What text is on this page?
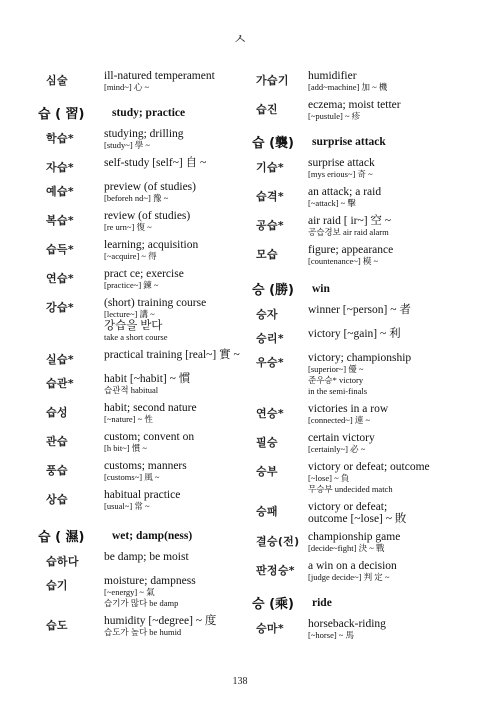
ㅅ
심술	ill-natured temperament
[mind~] 心 ~
습 ( 習)	study; practice
학습*	studying; drilling
[study~] 學 ~
자습*	self-study [self~] 自 ~
예습*	preview (of studies)
[beforeh nd~] 豫 ~
복습*	review (of studies)
[re urn~] 復 ~
습득*	learning; acquisition
[~acquire] ~ 得
연습*	pract ce; exercise
[practice~] 鍊 ~
강습*	(short) training course
[lecture~] 講 ~
강습을 받다
take a short course
실습*	practical training [real~] 實 ~
습관*	habit [~habit] ~ 慣
습관적 habitual
습성	habit; second nature
[~nature] ~ 性
관습	custom; convent on
[h bit~] 慣 ~
풍습	customs; manners
[customs~] 風 ~
상습	habitual practice
[usual~] 常 ~
습 ( 濕)	wet; damp(ness)
습하다	be damp; be moist
습기	moisture; dampness
[~energy] ~ 氣
습기가 많다 be damp
습도	humidity [~degree] ~ 度
습도가 높다 be humid
가습기	humidifier
[add~machine] 加 ~ 機
습진	eczema; moist tetter
[~pustule] ~ 疹
습 (襲)	surprise attack
기습*	surprise attack
[mys erious~] 奇 ~
습격*	an attack; a raid
[~attack] ~ 擊
공습*	air raid [ ir~] 空 ~
공습경보 air raid alarm
모습	figure; appearance
[countenance~] 模 ~
승 (勝)	win
승자	winner [~person] ~ 者
승리*	victory [~gain] ~ 利
우승*	victory; championship
[superior~] 優 ~
준우승* victory
in the semi-finals
연승*	victories in a row
[connected~] 連 ~
필승	certain victory
[certainly~] 必 ~
승부	victory or defeat; outcome
[~lose] ~ 負
무승부 undecided match
승패	victory or defeat;
outcome [~lose] ~ 敗
결승(전) championship game
[decide~fight] 決 ~ 戰
판정승*	a win on a decision
[judge decide~] 判 定 ~
승 (乘)	ride
승마*	horseback-riding
[~horse] ~ 馬
138
